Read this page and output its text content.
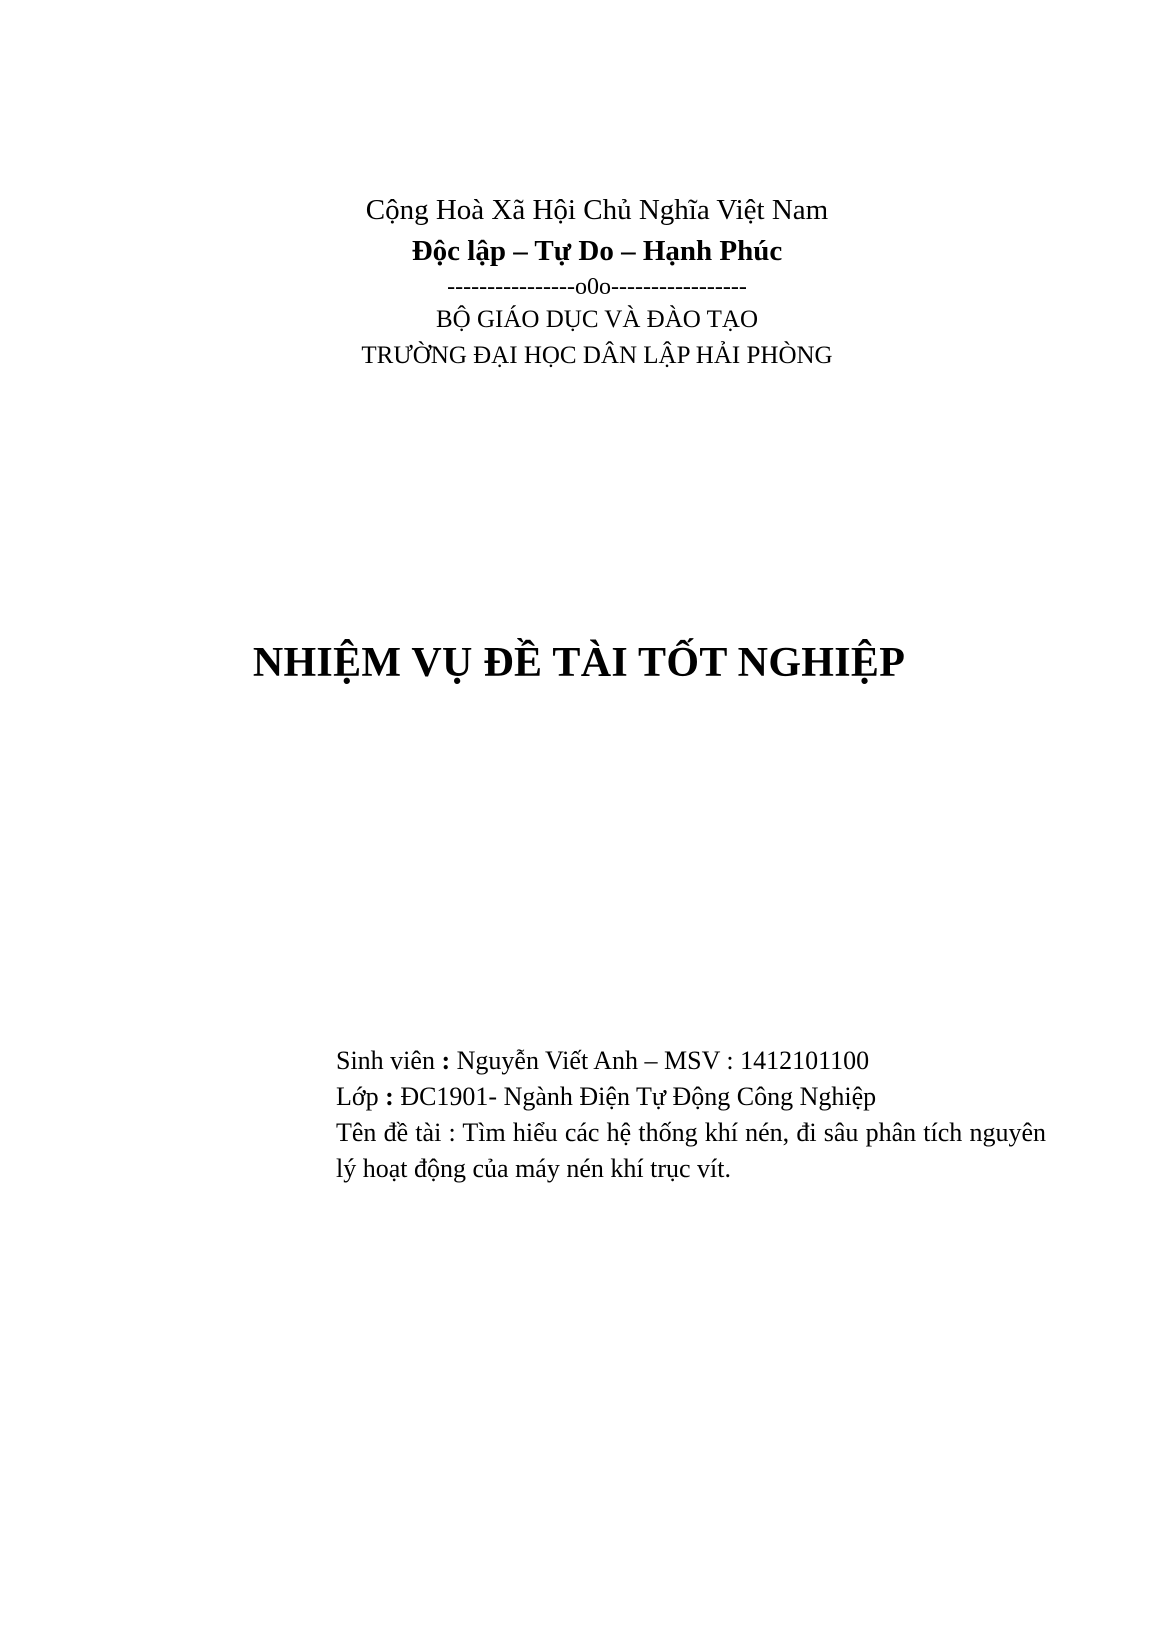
Cộng Hoà Xã Hội Chủ Nghĩa Việt Nam
Độc lập – Tự Do – Hạnh Phúc
----------------o0o-----------------
BỘ GIÁO DỤC VÀ ĐÀO TẠO
TRƯỜNG ĐẠI HỌC DÂN LẬP HẢI PHÒNG
NHIỆM VỤ ĐỀ TÀI TỐT NGHIỆP
Sinh viên : Nguyễn Viết Anh – MSV : 1412101100
Lớp : ĐC1901- Ngành Điện Tự Động Công Nghiệp
Tên đề tài : Tìm hiểu các hệ thống khí nén, đi sâu phân tích nguyên lý hoạt động của máy nén khí trục vít.
